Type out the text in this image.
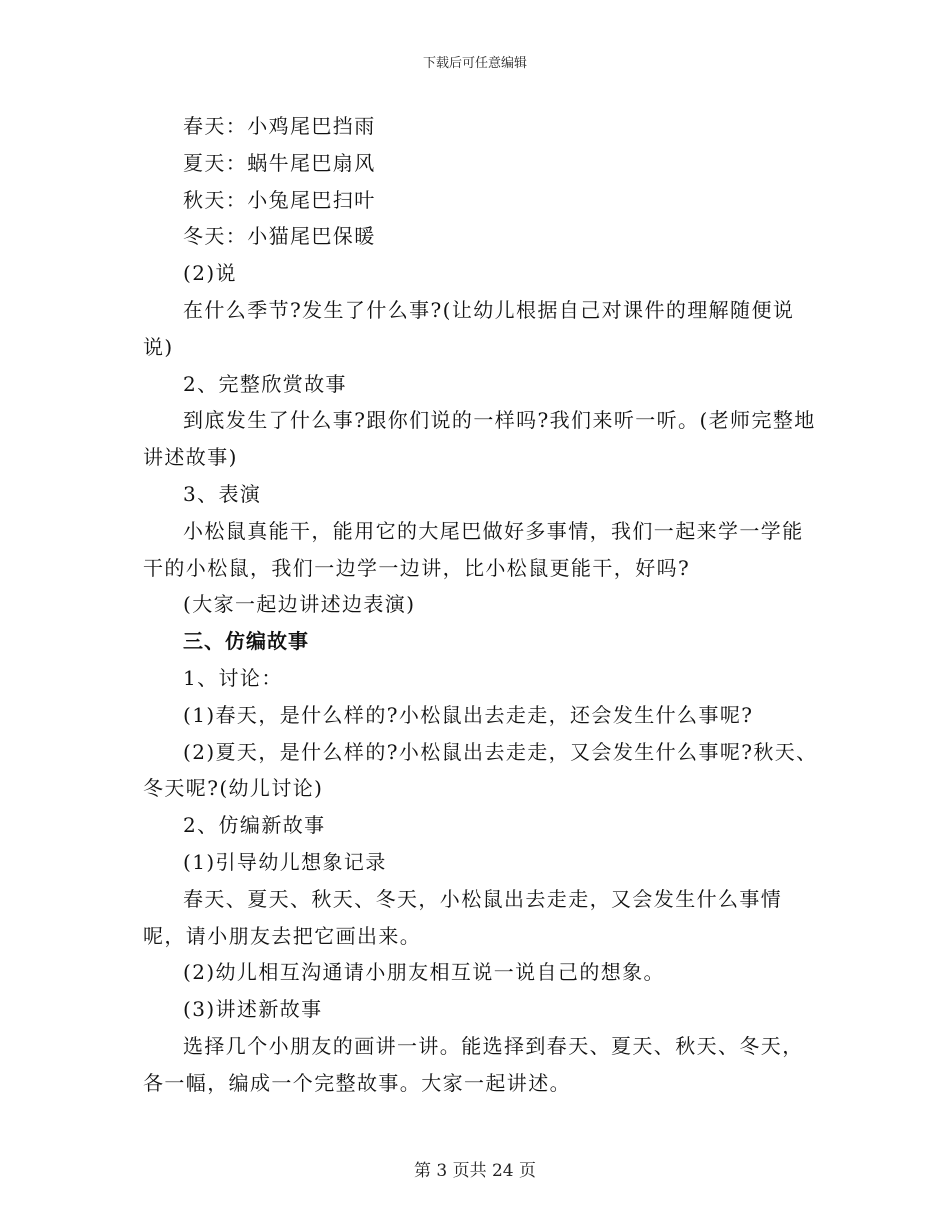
下载后可任意编辑

春天：小鸡尾巴挡雨

夏天：蜗牛尾巴扇风

秋天：小兔尾巴扫叶

冬天：小猫尾巴保暖

(2)说

在什么季节?发生了什么事?(让幼儿根据自己对课件的理解随便说说)

2、完整欣赏故事

到底发生了什么事?跟你们说的一样吗?我们来听一听。(老师完整地讲述故事)

3、表演

小松鼠真能干，能用它的大尾巴做好多事情，我们一起来学一学能干的小松鼠，我们一边学一边讲，比小松鼠更能干，好吗?

(大家一起边讲述边表演)

三、仿编故事

1、讨论：

(1)春天，是什么样的?小松鼠出去走走，还会发生什么事呢?

(2)夏天，是什么样的?小松鼠出去走走，又会发生什么事呢?秋天、冬天呢?(幼儿讨论)

2、仿编新故事

(1)引导幼儿想象记录

春天、夏天、秋天、冬天，小松鼠出去走走，又会发生什么事情呢，请小朋友去把它画出来。

(2)幼儿相互沟通请小朋友相互说一说自己的想象。

(3)讲述新故事

选择几个小朋友的画讲一讲。能选择到春天、夏天、秋天、冬天，各一幅，编成一个完整故事。大家一起讲述。

第 3 页共 24 页
